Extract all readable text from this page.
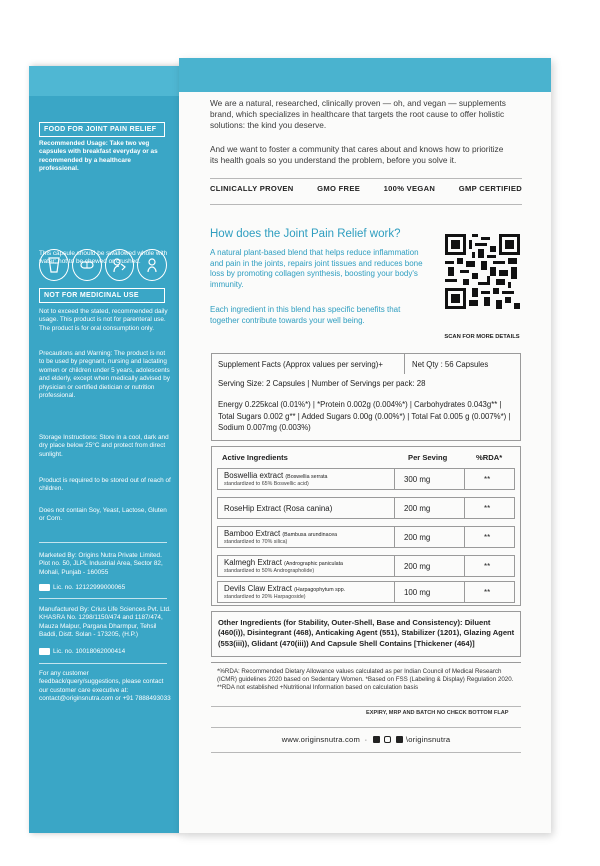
FOOD FOR JOINT PAIN RELIEF
Recommended Usage: Take two veg capsules with breakfast everyday or as recommended by a healthcare professional.
This capsule should be swallowed whole with water; not to be chewed or crushed.
NOT FOR MEDICINAL USE
Not to exceed the stated, recommended daily usage. This product is not for parenteral use. The product is for oral consumption only.
Precautions and Warning: The product is not to be used by pregnant, nursing and lactating women or children under 5 years, adolescents and elderly, except when medically advised by physician or certified dietician or nutrition professional.
Storage Instructions: Store in a cool, dark and dry place below 25°C and protect from direct sunlight.
Product is required to be stored out of reach of children.
Does not contain Soy, Yeast, Lactose, Gluten or Corn.
Marketed By: Origins Nutra Private Limited. Plot no. 50, JLPL Industrial Area, Sector 82, Mohali, Punjab - 160055
Lic. no. 12122999000065
Manufactured By: Crius Life Sciences Pvt. Ltd. KHASRA No. 1298/1150/474 and 1187/474, Mauza Malpur, Pargana Dharmpur, Tehsil Baddi, Distt. Solan - 173205, (H.P.)
Lic. no. 10018062000414
For any customer feedback/query/suggestions, please contact our customer care executive at: contact@originsnutra.com or +91 7888493033
We are a natural, researched, clinically proven — oh, and vegan — supplements brand, which specializes in healthcare that targets the root cause to offer holistic solutions: the kind you deserve.
And we want to foster a community that cares about and knows how to prioritize its health goals so you understand the problem, before you solve it.
CLINICALLY PROVEN	GMO FREE	100% VEGAN	GMP CERTIFIED
How does the Joint Pain Relief work?
A natural plant-based blend that helps reduce inflammation and pain in the joints, repairs joint tissues and reduces bone loss by promoting collagen synthesis, boosting your body's immunity.
Each ingredient in this blend has specific benefits that together contribute towards your well being.
SCAN FOR MORE DETAILS
Supplement Facts (Approx values per serving)+	Net Qty : 56 Capsules
Serving Size: 2 Capsules | Number of Servings per pack: 28
Energy 0.225kcal (0.01%*) | *Protein 0.002g (0.004%*) | Carbohydrates 0.043g** | Total Sugars 0.002 g** | Added Sugars 0.00g (0.00%*) | Total Fat 0.005 g (0.007%*) | Sodium 0.007mg (0.003%)
Active Ingredients	Per Seving	%RDA*
Boswellia extract (Boswellia serrata
standardized to 65% Boswellic acid)	300 mg	**
RoseHip Extract (Rosa canina)	200 mg	**
Bamboo Extract (Bambusa arundinacea
standardized to 70% silica)	200 mg	**
Kalmegh Extract (Andrographic paniculata
standardized to 50% Andrographolide)	200 mg	**
Devils Claw Extract (Harpagophytum spp.
standardized to 20% Harpagoside)	100 mg	**
Other Ingredients (for Stability, Outer-Shell, Base and Consistency): Diluent (460(i)), Disintegrant (468), Anticaking Agent (551), Stabilizer (1201), Glazing Agent (553(iii)), Glidant (470(iii)) And Capsule Shell Contains [Thickener (464)]
*%RDA: Recommended Dietary Allowance values calculated as per Indian Council of Medical Research (ICMR) guidelines 2020 based on Sedentary Women. *Based on FSS (Labeling & Display) Regulation 2020. **RDA not established +Nutritional Information based on calculation basis
EXPIRY, MRP AND BATCH NO CHECK BOTTOM FLAP
www.originsnutra.com ·	\originsnutra
